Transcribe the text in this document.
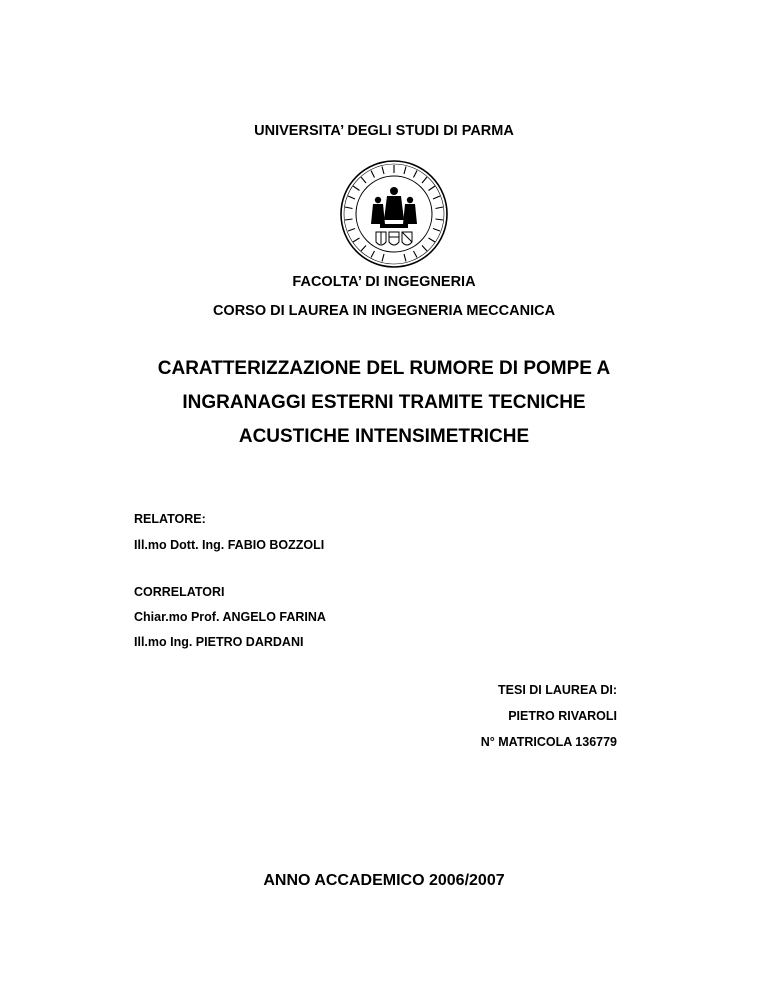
UNIVERSITA’ DEGLI STUDI DI PARMA
FACOLTA’ DI INGEGNERIA
CORSO DI LAUREA IN INGEGNERIA MECCANICA
CARATTERIZZAZIONE DEL RUMORE DI POMPE A
INGRANAGGI ESTERNI TRAMITE TECNICHE
ACUSTICHE INTENSIMETRICHE
RELATORE:
Ill.mo Dott. Ing. FABIO BOZZOLI
CORRELATORI
Chiar.mo Prof. ANGELO FARINA
Ill.mo Ing. PIETRO DARDANI
TESI DI LAUREA DI:
PIETRO RIVAROLI
N° MATRICOLA 136779
ANNO ACCADEMICO 2006/2007
